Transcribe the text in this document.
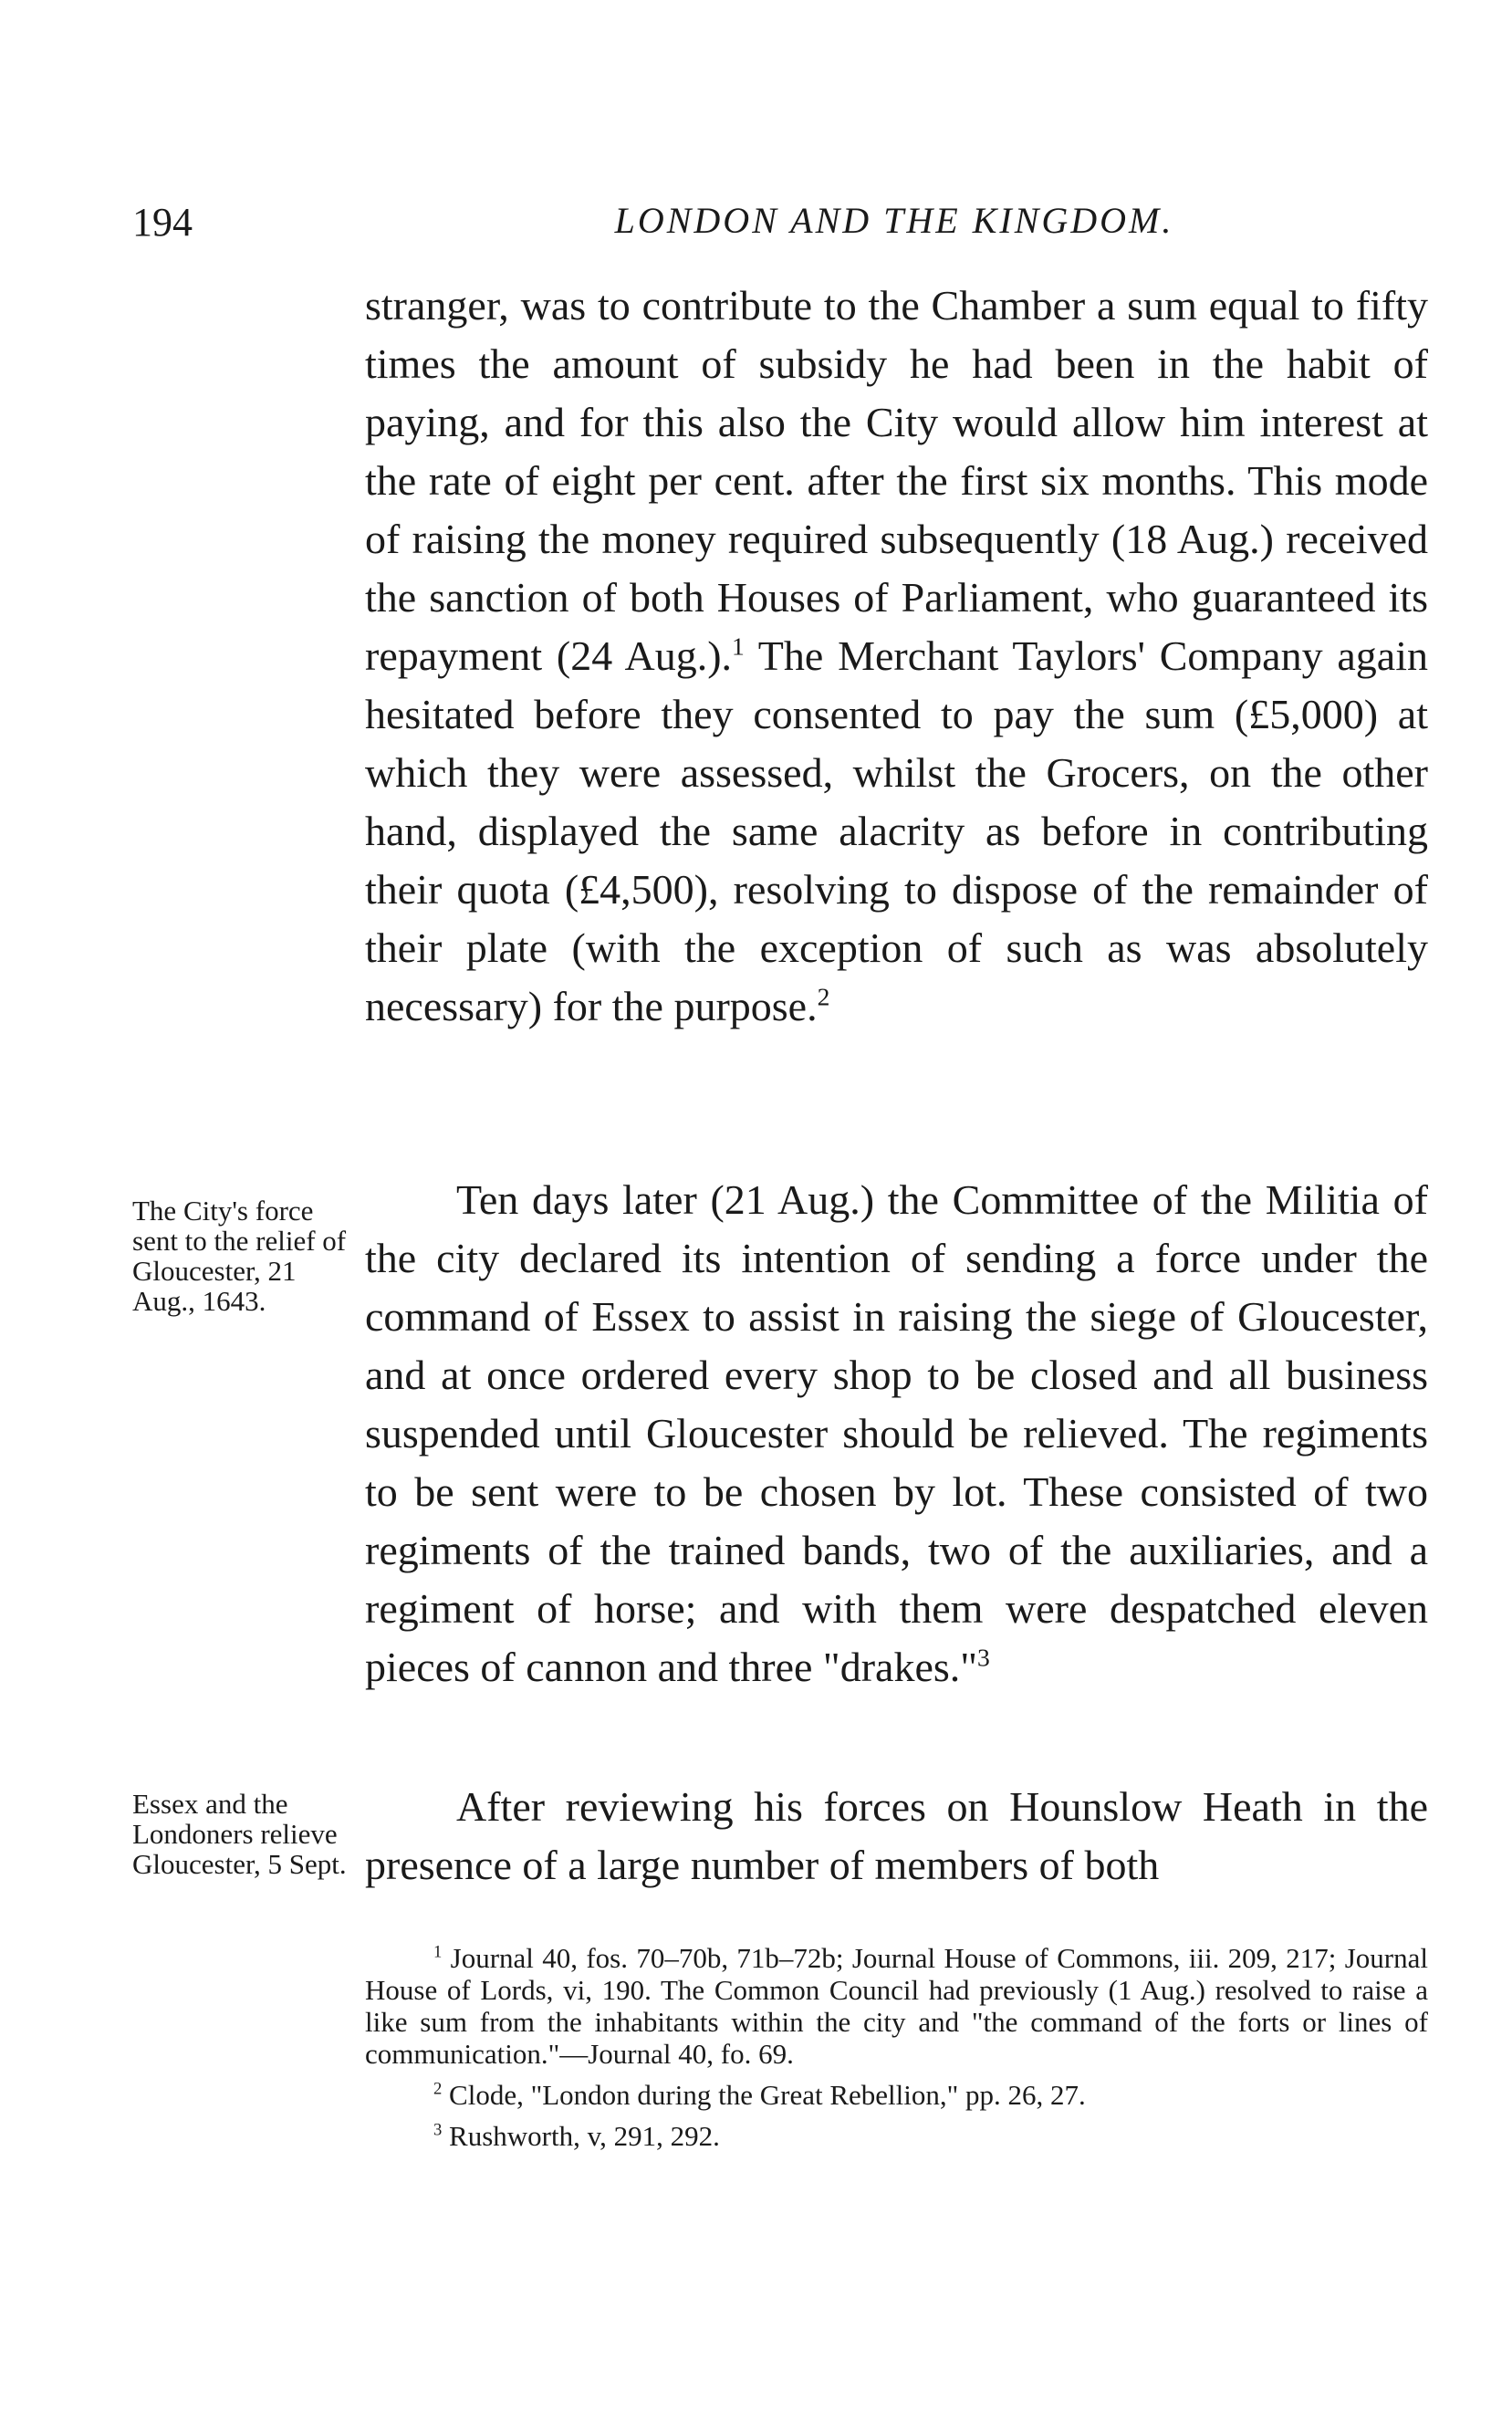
194	LONDON AND THE KINGDOM.

stranger, was to contribute to the Chamber a sum equal to fifty times the amount of subsidy he had been in the habit of paying, and for this also the City would allow him interest at the rate of eight per cent. after the first six months. This mode of raising the money required subsequently (18 Aug.) received the sanction of both Houses of Parliament, who guaranteed its repayment (24 Aug.).$^1$ The Merchant Taylors' Company again hesitated before they consented to pay the sum (£5,000) at which they were assessed, whilst the Grocers, on the other hand, displayed the same alacrity as before in contributing their quota (£4,500), resolving to dispose of the remainder of their plate (with the exception of such as was absolutely necessary) for the purpose.$^2$

The City's force sent to the relief of Gloucester, 21 Aug., 1643.

Ten days later (21 Aug.) the Committee of the Militia of the city declared its intention of sending a force under the command of Essex to assist in raising the siege of Gloucester, and at once ordered every shop to be closed and all business suspended until Gloucester should be relieved. The regiments to be sent were to be chosen by lot. These consisted of two regiments of the trained bands, two of the auxiliaries, and a regiment of horse; and with them were despatched eleven pieces of cannon and three "drakes."$^3$

Essex and the Londoners relieve Gloucester, 5 Sept.

After reviewing his forces on Hounslow Heath in the presence of a large number of members of both

$^1$ Journal 40, fos. 70–70b, 71b–72b; Journal House of Commons, iii. 209, 217; Journal House of Lords, vi, 190. The Common Council had previously (1 Aug.) resolved to raise a like sum from the inhabitants within the city and "the command of the forts or lines of communication."—Journal 40, fo. 69.

$^2$ Clode, "London during the Great Rebellion," pp. 26, 27.

$^3$ Rushworth, v, 291, 292.
